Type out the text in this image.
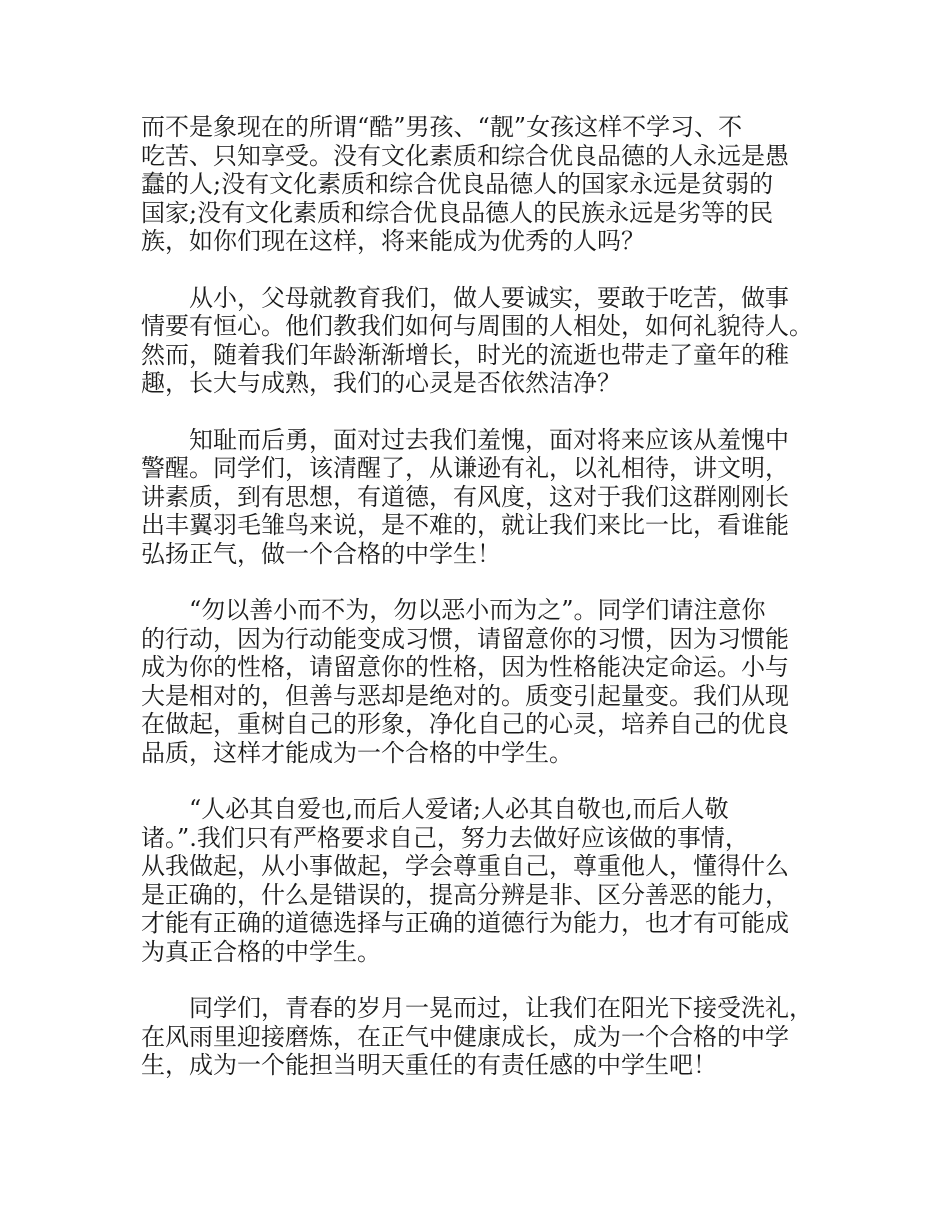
而不是象现在的所谓“酷”男孩、“靓”女孩这样不学习、不
吃苦、只知享受。没有文化素质和综合优良品德的人永远是愚
蠢的人;没有文化素质和综合优良品德人的国家永远是贫弱的
国家;没有文化素质和综合优良品德人的民族永远是劣等的民
族，如你们现在这样，将来能成为优秀的人吗？

　　从小，父母就教育我们，做人要诚实，要敢于吃苦，做事
情要有恒心。他们教我们如何与周围的人相处，如何礼貌待人。
然而，随着我们年龄渐渐增长，时光的流逝也带走了童年的稚
趣，长大与成熟，我们的心灵是否依然洁净？

　　知耻而后勇，面对过去我们羞愧，面对将来应该从羞愧中
警醒。同学们，该清醒了，从谦逊有礼，以礼相待，讲文明，
讲素质，到有思想，有道德，有风度，这对于我们这群刚刚长
出丰翼羽毛雏鸟来说，是不难的，就让我们来比一比，看谁能
弘扬正气，做一个合格的中学生！

　　“勿以善小而不为，勿以恶小而为之”。同学们请注意你
的行动，因为行动能变成习惯，请留意你的习惯，因为习惯能
成为你的性格，请留意你的性格，因为性格能决定命运。小与
大是相对的，但善与恶却是绝对的。质变引起量变。我们从现
在做起，重树自己的形象，净化自己的心灵，培养自己的优良
品质，这样才能成为一个合格的中学生。

　　“人必其自爱也,而后人爱诸;人必其自敬也,而后人敬
诸。”.我们只有严格要求自己，努力去做好应该做的事情，
从我做起，从小事做起，学会尊重自己，尊重他人，懂得什么
是正确的，什么是错误的，提高分辨是非、区分善恶的能力，
才能有正确的道德选择与正确的道德行为能力，也才有可能成
为真正合格的中学生。

　　同学们，青春的岁月一晃而过，让我们在阳光下接受洗礼，
在风雨里迎接磨炼，在正气中健康成长，成为一个合格的中学
生，成为一个能担当明天重任的有责任感的中学生吧！
